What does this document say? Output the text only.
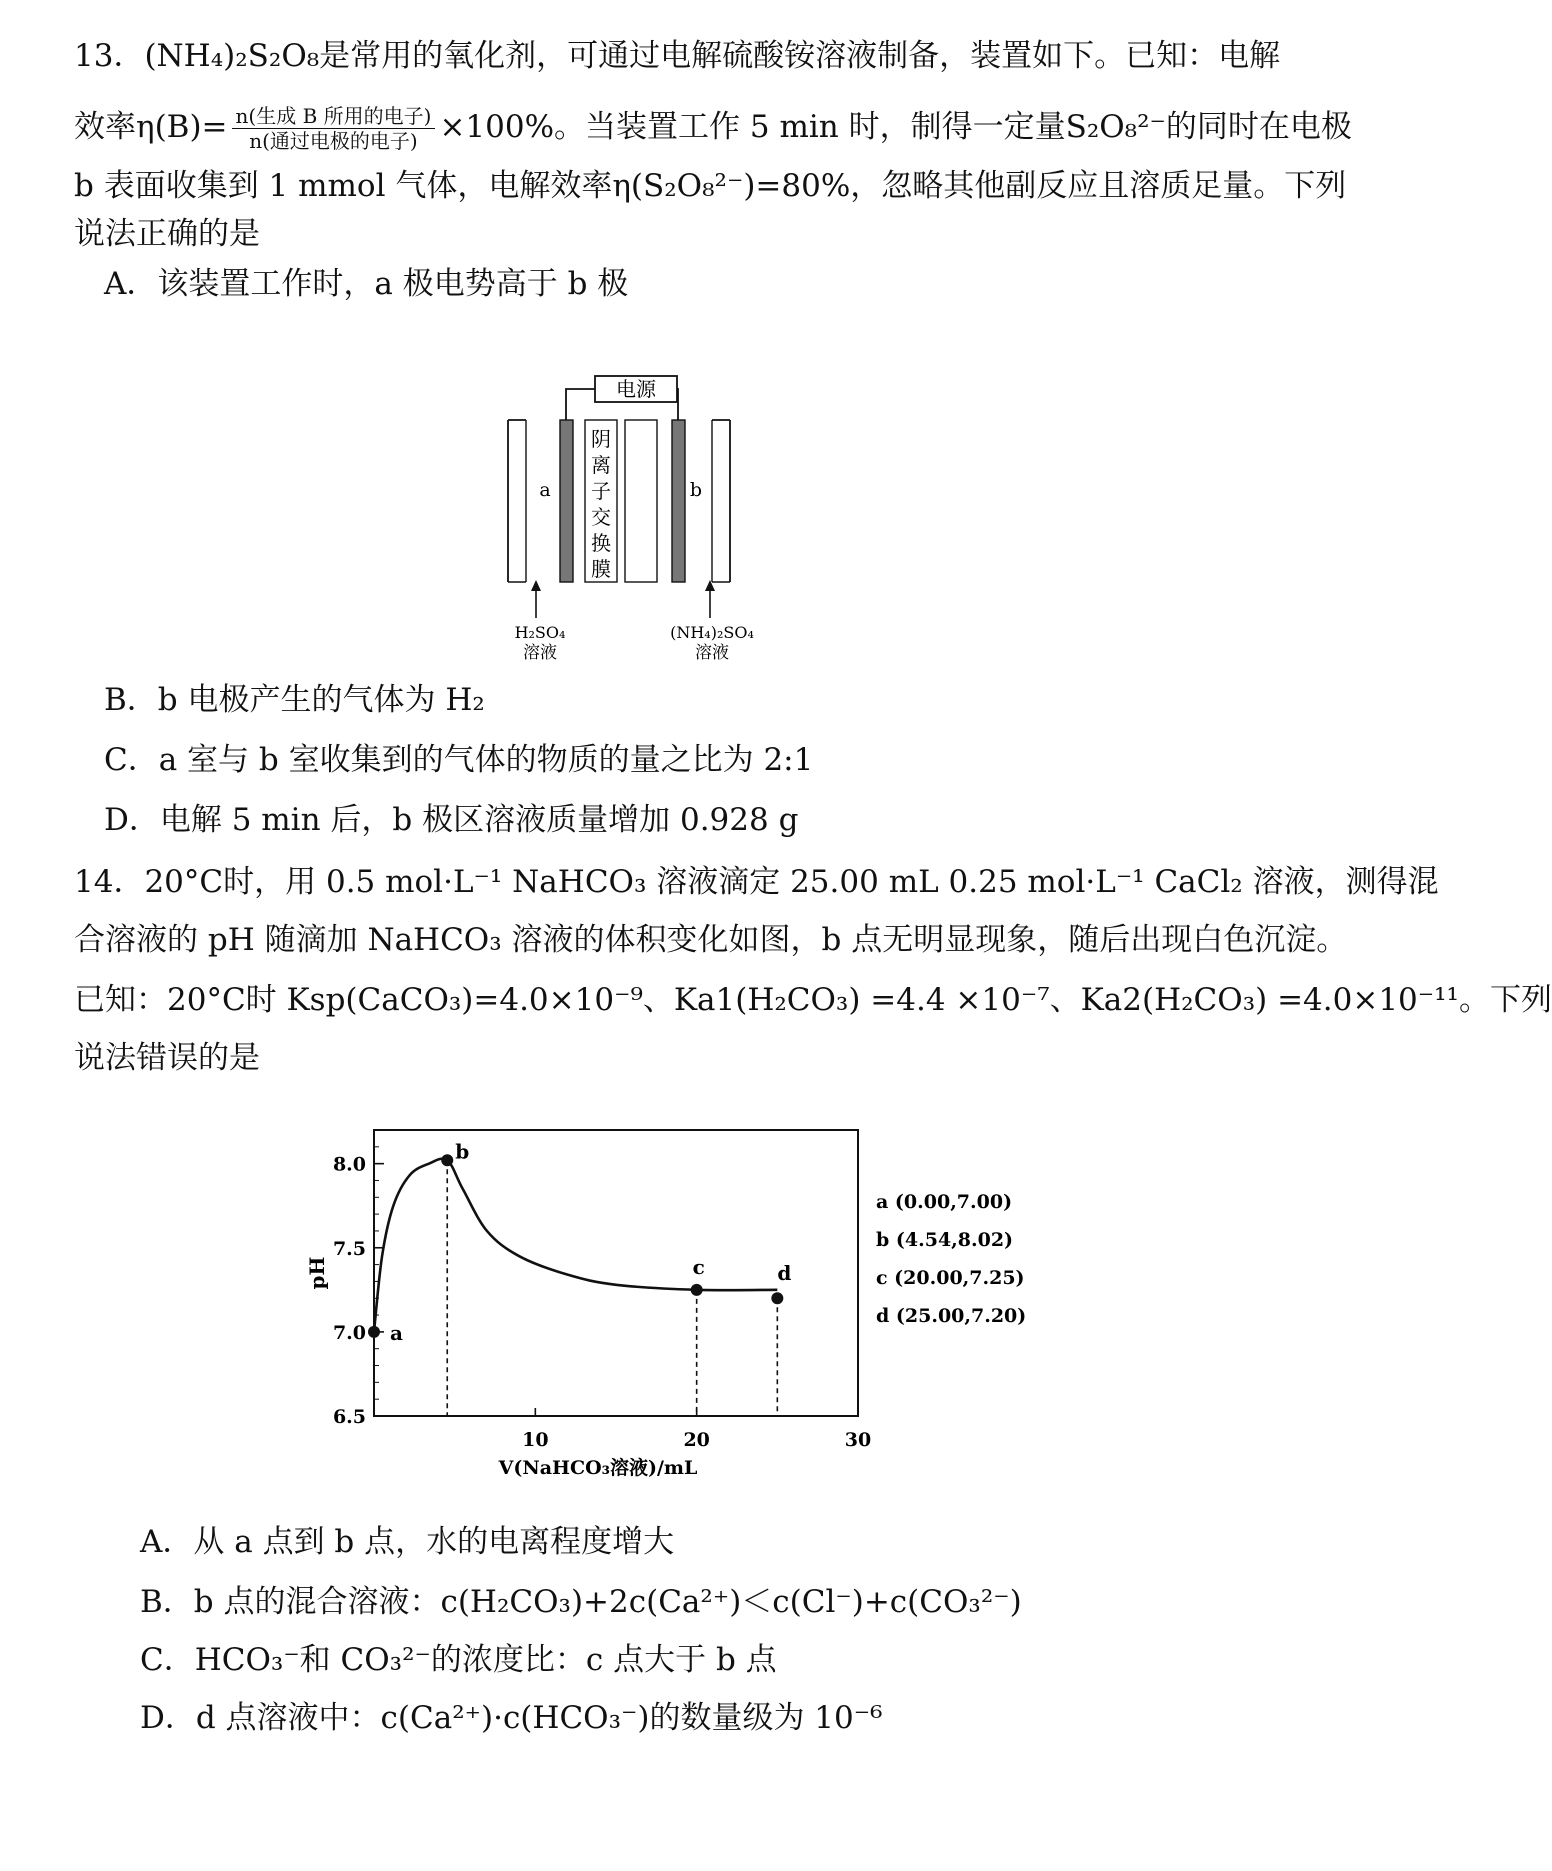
13．(NH₄)₂S₂O₈是常用的氧化剂，可通过电解硫酸铵溶液制备，装置如下。已知：电解
效率$\eta(B)= \frac{\text{n(生成 B 所用的电子)}}{\text{n(通过电极的电子)}} \times 100\%$。当装置工作 5 min 时，制得一定量S₂O₈²⁻的同时在电极
b 表面收集到 1 mmol 气体，电解效率η(S₂O₈²⁻)=80%，忽略其他副反应且溶质足量。下列
说法正确的是
A．该装置工作时，a 极电势高于 b 极
电源
阴
离
子
交
换
膜
a	b
H₂SO₄
溶液
(NH₄)₂SO₄
溶液
B．b 电极产生的气体为 H₂
C．a 室与 b 室收集到的气体的物质的量之比为 2:1
D．电解 5 min 后，b 极区溶液质量增加 0.928 g
14．20°C时，用 0.5 mol·L⁻¹ NaHCO₃ 溶液滴定 25.00 mL 0.25 mol·L⁻¹ CaCl₂ 溶液，测得混
合溶液的 pH 随滴加 NaHCO₃ 溶液的体积变化如图，b 点无明显现象，随后出现白色沉淀。
已知：20°C时 Ksp(CaCO₃)=4.0×10⁻⁹、Ka1(H₂CO₃) =4.4 ×10⁻⁷、Ka2(H₂CO₃) =4.0×10⁻¹¹。下列
说法错误的是
pH
V(NaHCO₃溶液)/mL
6.5
7.0
7.5
8.0
10	20	30
a
b
c	d
a (0.00,7.00)
b (4.54,8.02)
c (20.00,7.25)
d (25.00,7.20)
A．从 a 点到 b 点，水的电离程度增大
B．b 点的混合溶液：c(H₂CO₃)+2c(Ca²⁺)＜c(Cl⁻)+c(CO₃²⁻)
C．HCO₃⁻和 CO₃²⁻的浓度比：c 点大于 b 点
D．d 点溶液中：c(Ca²⁺)·c(HCO₃⁻)的数量级为 10⁻⁶
